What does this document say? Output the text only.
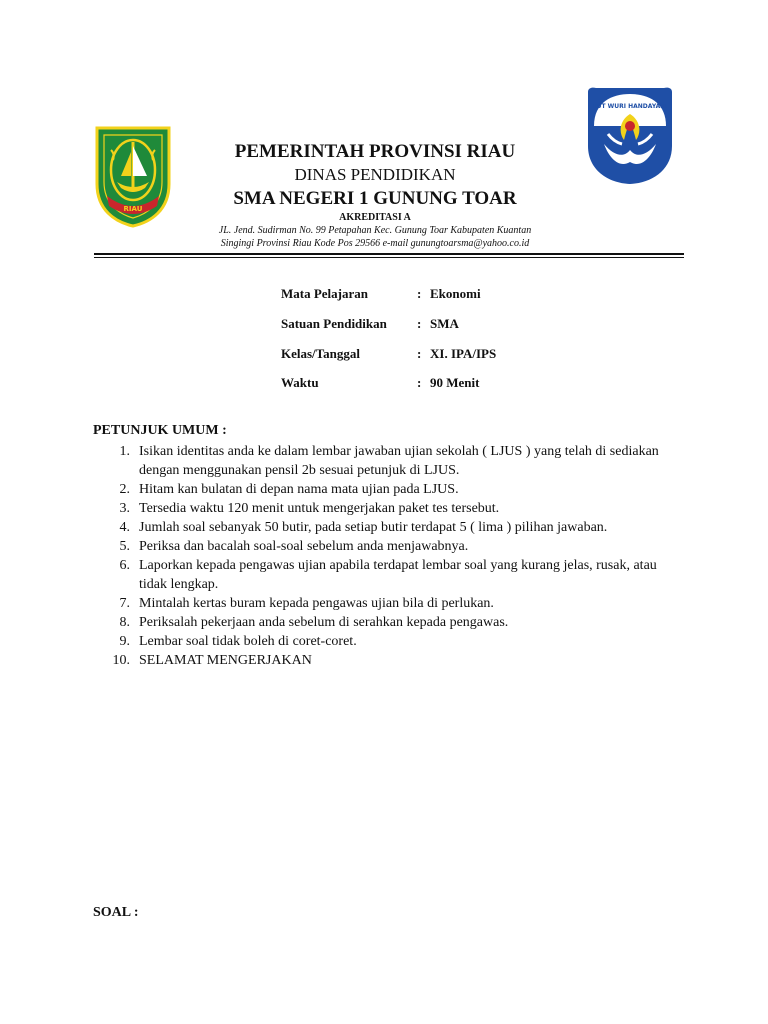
RIAU
TUT WURI HANDAYANI
PEMERINTAH PROVINSI RIAU
DINAS PENDIDIKAN
SMA NEGERI 1 GUNUNG TOAR
AKREDITASI A
JL. Jend. Sudirman No. 99 Petapahan Kec. Gunung Toar Kabupaten Kuantan
Singingi Provinsi Riau Kode Pos 29566 e-mail gunungtoarsma@yahoo.co.id
Mata Pelajaran	: Ekonomi
Satuan Pendidikan : SMA
Kelas/Tanggal	: XI. IPA/IPS
Waktu	: 90 Menit
PETUNJUK UMUM :
1. Isikan identitas anda ke dalam lembar jawaban ujian sekolah ( LJUS ) yang telah di sediakan dengan menggunakan pensil 2b sesuai petunjuk di LJUS.
2. Hitam kan bulatan di depan nama mata ujian pada LJUS.
3. Tersedia waktu 120 menit untuk mengerjakan paket tes tersebut.
4. Jumlah soal sebanyak 50 butir, pada setiap butir terdapat 5 ( lima ) pilihan jawaban.
5. Periksa dan bacalah soal-soal sebelum anda menjawabnya.
6. Laporkan kepada pengawas ujian apabila terdapat lembar soal yang kurang jelas, rusak, atau tidak lengkap.
7. Mintalah kertas buram kepada pengawas ujian bila di perlukan.
8. Periksalah pekerjaan anda sebelum di serahkan kepada pengawas.
9. Lembar soal tidak boleh di coret-coret.
10. SELAMAT MENGERJAKAN
SOAL :
